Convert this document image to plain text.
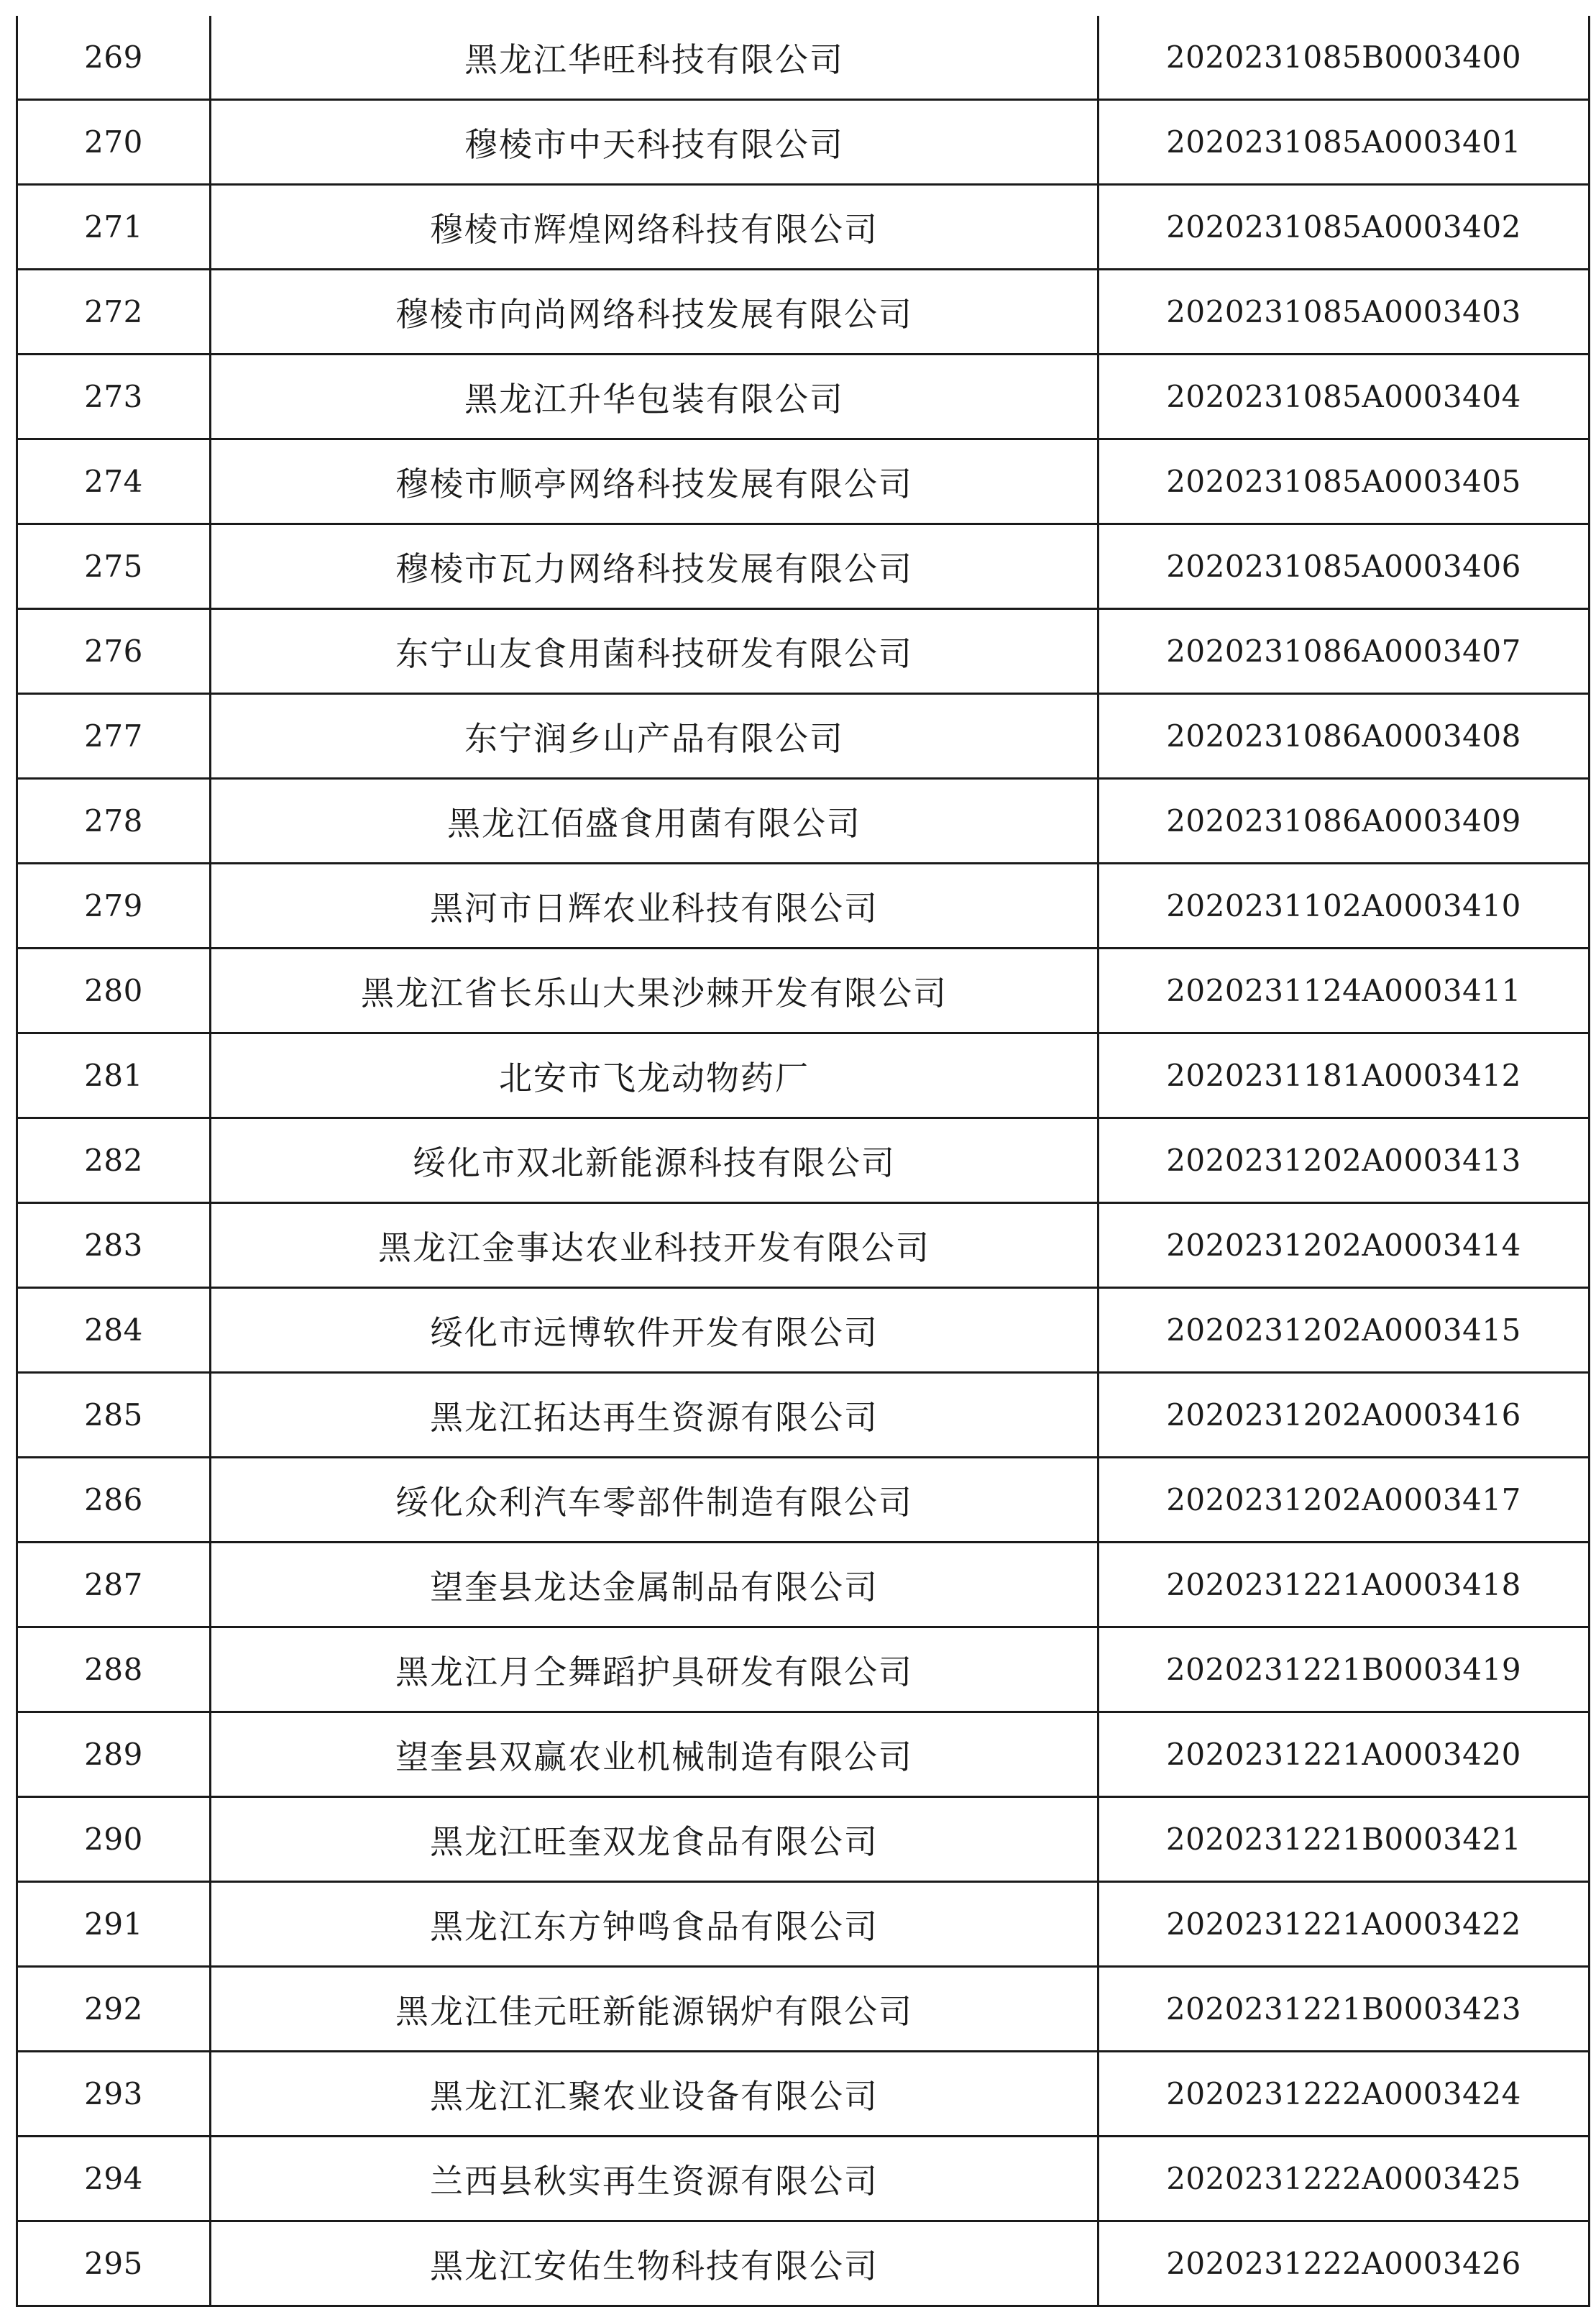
269	黑龙江华旺科技有限公司	2020231085B0003400
270	穆棱市中天科技有限公司	2020231085A0003401
271	穆棱市辉煌网络科技有限公司	2020231085A0003402
272	穆棱市向尚网络科技发展有限公司	2020231085A0003403
273	黑龙江升华包装有限公司	2020231085A0003404
274	穆棱市顺亭网络科技发展有限公司	2020231085A0003405
275	穆棱市瓦力网络科技发展有限公司	2020231085A0003406
276	东宁山友食用菌科技研发有限公司	2020231086A0003407
277	东宁润乡山产品有限公司	2020231086A0003408
278	黑龙江佰盛食用菌有限公司	2020231086A0003409
279	黑河市日辉农业科技有限公司	2020231102A0003410
280	黑龙江省长乐山大果沙棘开发有限公司	2020231124A0003411
281	北安市飞龙动物药厂	2020231181A0003412
282	绥化市双北新能源科技有限公司	2020231202A0003413
283	黑龙江金事达农业科技开发有限公司	2020231202A0003414
284	绥化市远博软件开发有限公司	2020231202A0003415
285	黑龙江拓达再生资源有限公司	2020231202A0003416
286	绥化众利汽车零部件制造有限公司	2020231202A0003417
287	望奎县龙达金属制品有限公司	2020231221A0003418
288	黑龙江月仝舞蹈护具研发有限公司	2020231221B0003419
289	望奎县双赢农业机械制造有限公司	2020231221A0003420
290	黑龙江旺奎双龙食品有限公司	2020231221B0003421
291	黑龙江东方钟鸣食品有限公司	2020231221A0003422
292	黑龙江佳元旺新能源锅炉有限公司	2020231221B0003423
293	黑龙江汇聚农业设备有限公司	2020231222A0003424
294	兰西县秋实再生资源有限公司	2020231222A0003425
295	黑龙江安佑生物科技有限公司	2020231222A0003426
